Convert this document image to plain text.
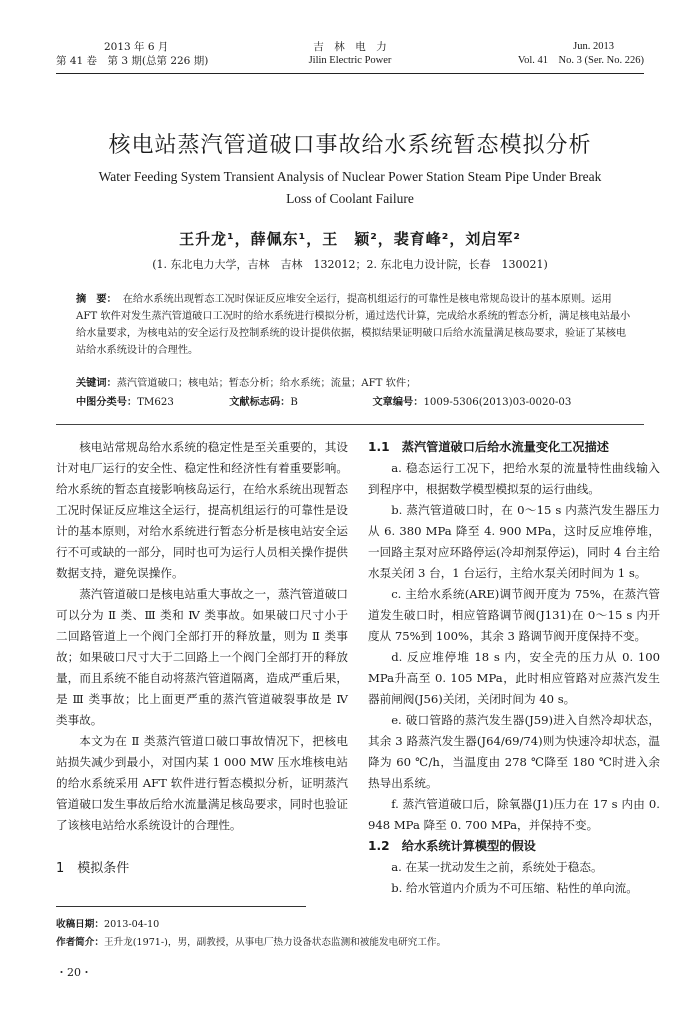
2013 年 6 月
第 41 卷　第 3 期(总第 226 期)
吉　林　电　力
Jilin Electric Power
Jun. 2013
Vol. 41　No. 3 (Ser. No. 226)
核电站蒸汽管道破口事故给水系统暂态模拟分析
Water Feeding System Transient Analysis of Nuclear Power Station Steam Pipe Under Break Loss of Coolant Failure
王升龙¹，薛佩东¹，王　颖²，裴育峰²，刘启军²
(1. 东北电力大学，吉林　吉林　132012；2. 东北电力设计院，长春　130021)
摘　要： 在给水系统出现暂态工况时保证反应堆安全运行，提高机组运行的可靠性是核电常规岛设计的基本原则。运用 AFT 软件对发生蒸汽管道破口工况时的给水系统进行模拟分析，通过迭代计算，完成给水系统的暂态分析，满足核电站最小给水量要求，为核电站的安全运行及控制系统的设计提供依据，模拟结果证明破口后给水流量满足核岛要求，验证了某核电站给水系统设计的合理性。
关键词：蒸汽管道破口；核电站；暂态分析；给水系统；流量；AFT 软件；
中图分类号：TM623	文献标志码：B	文章编号：1009-5306(2013)03-0020-03

核电站常规岛给水系统的稳定性是至关重要的，其设计对电厂运行的安全性、稳定性和经济性有着重要影响。给水系统的暂态直接影响核岛运行，在给水系统出现暂态工况时保证反应堆这全运行，提高机组运行的可靠性是设计的基本原则，对给水系统进行暂态分析是核电站安全运行不可或缺的一部分，同时也可为运行人员相关操作提供数据支持，避免误操作。

蒸汽管道破口是核电站重大事故之一，蒸汽管道破口可以分为 Ⅱ 类、Ⅲ 类和 Ⅳ 类事故。如果破口尺寸小于二回路管道上一个阀门全部打开的释放量，则为 Ⅱ 类事故；如果破口尺寸大于二回路上一个阀门全部打开的释放量，而且系统不能自动将蒸汽管道隔离，造成严重后果，是 Ⅲ 类事故；比上面更严重的蒸汽管道破裂事故是 Ⅳ 类事故。

本文为在 Ⅱ 类蒸汽管道口破口事故情况下，把核电站损失减少到最小，对国内某 1 000 MW 压水堆核电站的给水系统采用 AFT 软件进行暂态模拟分析，证明蒸汽管道破口发生事故后给水流量满足核岛要求，同时也验证了该核电站给水系统设计的合理性。

1　模拟条件
1.1　蒸汽管道破口后给水流量变化工况描述

a. 稳态运行工况下，把给水泵的流量特性曲线输入到程序中，根据数学模型模拟泵的运行曲线。

b. 蒸汽管道破口时，在 0～15 s 内蒸汽发生器压力从 6. 380 MPa 降至 4. 900 MPa，这时反应堆停堆，一回路主泵对应环路停运(冷却剂泵停运)，同时 4 台主给水泵关闭 3 台，1 台运行，主给水泵关闭时间为 1 s。

c. 主给水系统(ARE)调节阀开度为 75%，在蒸汽管道发生破口时，相应管路调节阀(J131)在 0～15 s 内开度从 75%到 100%，其余 3 路调节阀开度保持不变。

d. 反应堆停堆 18 s 内，安全壳的压力从 0. 100 MPa升高至 0. 105 MPa，此时相应管路对应蒸汽发生器前闸阀(J56)关闭，关闭时间为 40 s。

e. 破口管路的蒸汽发生器(J59)进入自然冷却状态，其余 3 路蒸汽发生器(J64/69/74)则为快速冷却状态，温降为 60 ℃/h，当温度由 278 ℃降至 180 ℃时进入余热导出系统。

f. 蒸汽管道破口后，除氧器(J1)压力在 17 s 内由 0. 948 MPa 降至 0. 700 MPa，并保持不变。

1.2　给水系统计算模型的假设

a. 在某一扰动发生之前，系统处于稳态。

b. 给水管道内介质为不可压缩、粘性的单向流。

收稿日期：2013-04-10
作者简介：王升龙(1971-)，男，副教授，从事电厂热力设备状态监测和被能发电研究工作。
・20・
